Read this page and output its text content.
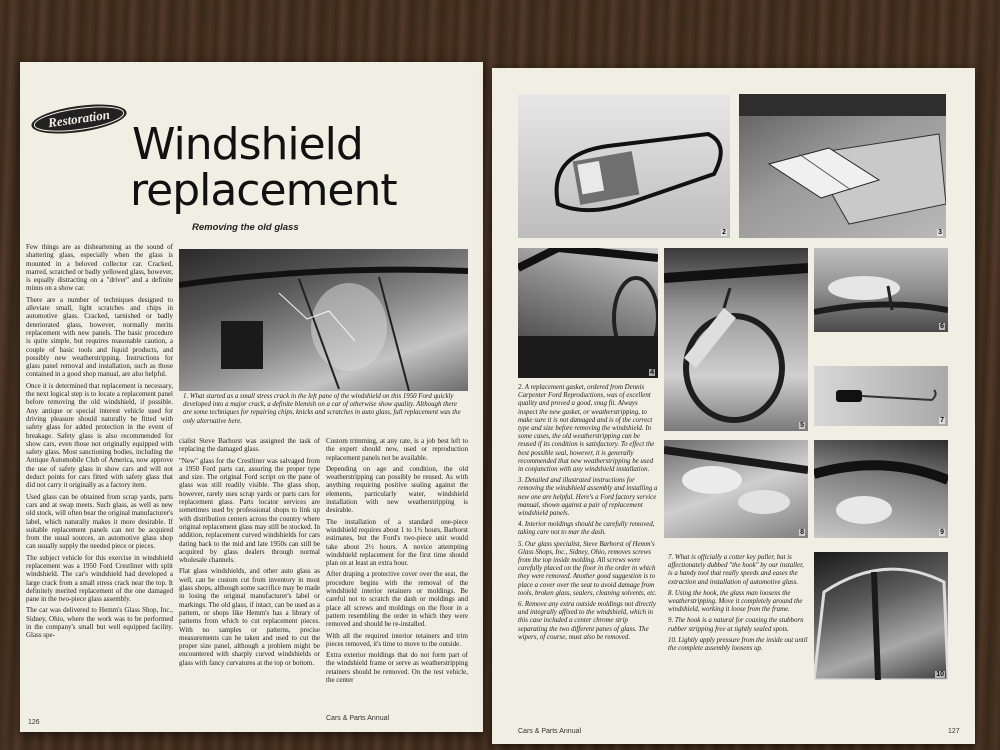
Restoration
Windshield
replacement
Removing the old glass

Few things are as disheartening as the sound of shattering glass, especially when the glass is mounted in a beloved collector car. Cracked, marred, scratched or badly yellowed glass, however, is equally distracting on a "driver" and a definite minus on a show car.

There are a number of techniques designed to alleviate small, light scratches and chips in automotive glass. Cracked, tarnished or badly deteriorated glass, however, normally merits replacement with new panels. The basic procedure is quite simple, but requires reasonable caution, a couple of basic tools and liquid products, and possibly new weatherstripping. Instructions for glass panel removal and installation, such as those contained in a good shop manual, are also helpful.

Once it is determined that replacement is necessary, the next logical step is to locate a replacement panel before removing the old windshield, if possible. Any antique or special interest vehicle used for driving pleasure should naturally be fitted with safety glass for added protection in the event of breakage. Safety glass is also recommended for show cars, even those not originally equipped with safety glass. Most sanctioning bodies, including the Antique Automobile Club of America, now approve the use of safety glass in show cars and will not deduct points for cars fitted with safety glass that did not carry it originally as a factory item.

Used glass can be obtained from scrap yards, parts cars and at swap meets. Such glass, as well as new old stock, will often bear the original manufacturer's label, which naturally makes it more desirable. If suitable replacement panels can not be acquired from the usual sources, an automotive glass shop can usually supply the needed piece or pieces.

The subject vehicle for this exercise in windshield replacement was a 1950 Ford Crestliner with split windshield. The car's windshield had developed a large crack from a small stress crack near the top. It definitely merited replacement of the one damaged pane in the two-piece glass assembly.

The car was delivered to Hemm's Glass Shop, Inc., Sidney, Ohio, where the work was to be performed in the company's small but well equipped facility. Glass spe-

1. What started as a small stress crack in the left pane of the windshield on this 1950 Ford quickly developed into a major crack, a definite blemish on a car of otherwise show quality. Although there are some techniques for repairing chips, knicks and scratches in auto glass, full replacement was the only alternative here.

cialist Steve Barhorst was assigned the task of replacing the damaged glass.

"New" glass for the Crestliner was salvaged from a 1950 Ford parts car, assuring the proper type and size. The original Ford script on the pane of glass was still readily visible. The glass shop, however, rarely uses scrap yards or parts cars for replacement glass. Parts locator services are sometimes used by professional shops to link up with distribution centers across the country where original replacement glass may still be stocked. In addition, replacement curved windshields for cars dating back to the mid and late 1950s can still be acquired by glass dealers through normal wholesale channels.

Flat glass windshields, and other auto glass as well, can be custom cut from inventory in most glass shops, although some sacrifice may be made in losing the original manufacturer's label or markings. The old glass, if intact, can be used as a pattern, or shops like Hemm's has a library of patterns from which to cut replacement pieces. With no samples or patterns, precise measurements can be taken and used to cut the proper size panel, although a problem might be encountered with sharply curved windshields or glass with fancy curvatures at the top or bottom.

Custom trimming, at any rate, is a job best left to the expert should new, used or reproduction replacement panels not be available.

Depending on age and condition, the old weatherstripping can possibly be reused. As with anything requiring positive sealing against the elements, particularly water, windshield installation with new weatherstripping is desirable.

The installation of a standard one-piece windshield requires about 1 to 1½ hours, Barhorst estimates, but the Ford's two-piece unit would take about 2½ hours. A novice attempting windshield replacement for the first time should plan on at least an extra hour.

After draping a protective cover over the seat, the procedure begins with the removal of the windshield interior retainers or moldings. Be careful not to scratch the dash or moldings and place all screws and moldings on the floor in a pattern resembling the order in which they were removed and should be re-installed.

With all the required interior retainers and trim pieces removed, it's time to move to the outside.

Extra exterior moldings that do not form part of the windshield frame or serve as weatherstripping retainers should be removed. On the test vehicle, the center

126
Cars & Parts Annual
2	3
4
5
6
7
8	9
10

2. A replacement gasket, ordered from Dennis Carpenter Ford Reproductions, was of excellent quality and proved a good, snug fit. Always inspect the new gasket, or weatherstripping, to make sure it is not damaged and is of the correct type and size before removing the windshield. In some cases, the old weatherstripping can be reused if its condition is satisfactory. To effect the best possible seal, however, it is generally recommended that new weatherstripping be used in conjunction with any windshield installation.

3. Detailed and illustrated instructions for removing the windshield assembly and installing a new one are helpful. Here's a Ford factory service manual, shown against a pair of replacement windshield panels.

4. Interior moldings should be carefully removed, taking care not to mar the dash.

5. Our glass specialist, Steve Barhorst of Hemm's Glass Shops, Inc., Sidney, Ohio, removes screws from the top inside molding. All screws were carefully placed on the floor in the order in which they were removed. Another good suggestion is to place a cover over the seat to avoid damage from tools, broken glass, sealers, cleaning solvents, etc.

6. Remove any extra outside moldings not directly and integrally affixed to the windshield, which in this case included a center chrome strip separating the two different panes of glass. The wipers, of course, must also be removed.

7. What is officially a cotter key puller, but is affectionately dubbed "the hook" by our installer, is a handy tool that really speeds and eases the extraction and installation of automotive glass.

8. Using the hook, the glass man loosens the weatherstripping. Move it completely around the windshield, working it loose from the frame.

9. The hook is a natural for coaxing the stubborn rubber stripping free at tightly sealed spots.

10. Lightly apply pressure from the inside out until the complete assembly loosens up.

Cars & Parts Annual	127
